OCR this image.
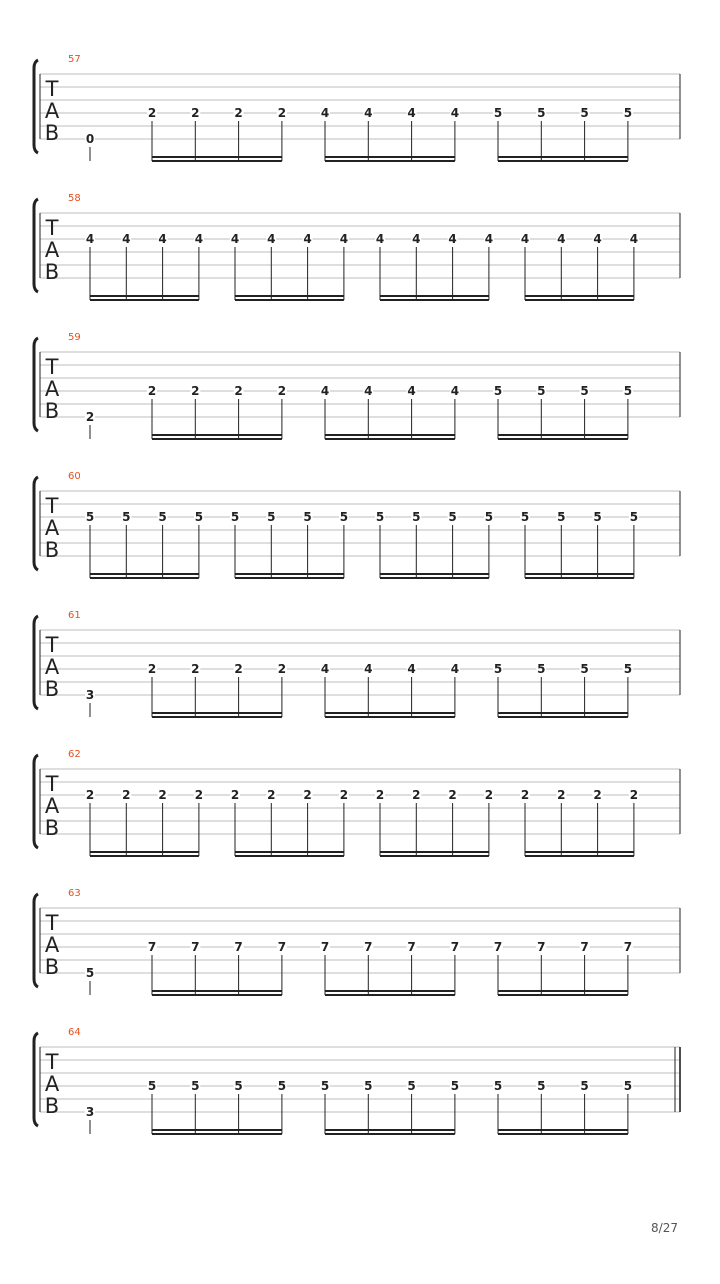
T
A
B
57
0
2	2	2	2	4	4	4	4	5	5	5	5
T
A
B
58
4 4 4 4 4 4 4 4 4 4 4 4 4 4 4 4
T
A
B
59
2
2	2	2	2	4	4	4	4	5	5	5	5
T
A
B
60
5 5 5 5 5 5 5 5 5 5 5 5 5 5 5 5
T
A
B
61
3
2	2	2	2	4	4	4	4	5	5	5	5
T
A
B
62
2 2 2 2 2 2 2 2 2 2 2 2 2 2 2 2
T
A
B
63
5
7	7	7	7	7	7	7	7	7	7	7	7
T
A
B
64
3
5	5	5	5	5	5	5	5	5	5	5	5
8/27
